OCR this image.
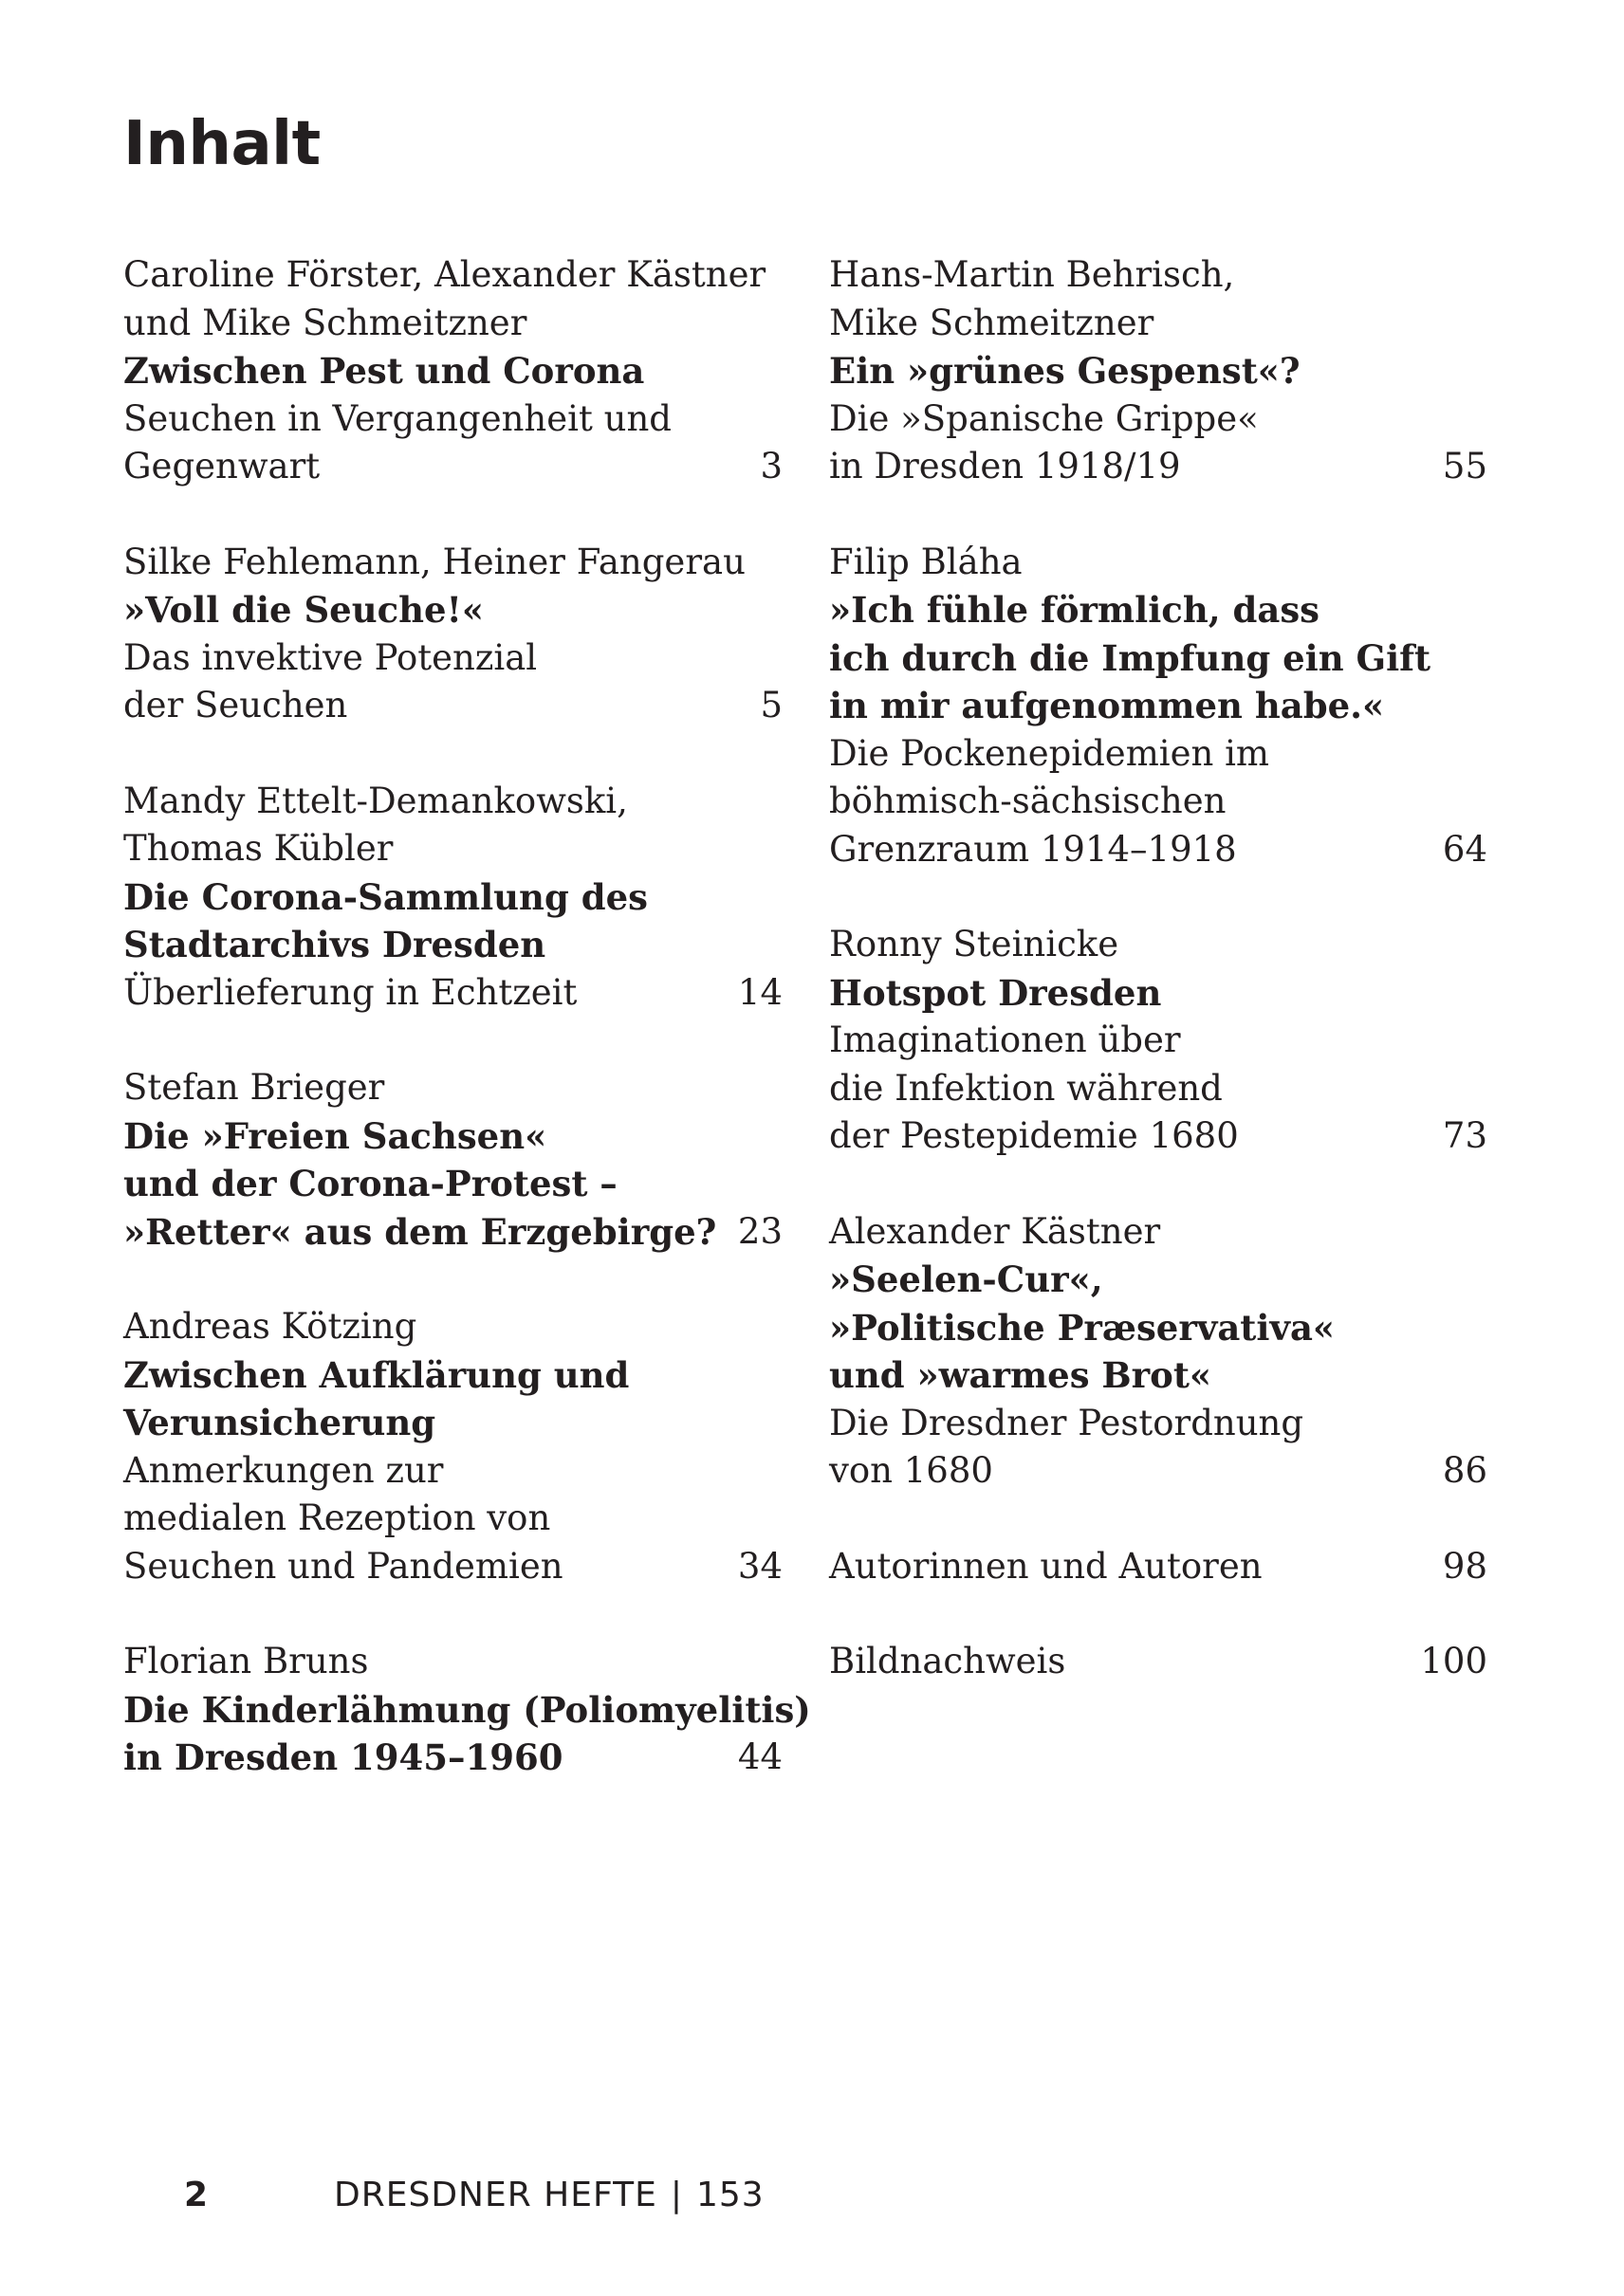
Inhalt
Caroline Förster, Alexander Kästner
und Mike Schmeitzner
Zwischen Pest und Corona
Seuchen in Vergangenheit und
Gegenwart	3
Silke Fehlemann, Heiner Fangerau
»Voll die Seuche!«
Das invektive Potenzial
der Seuchen	5
Mandy Ettelt-Demankowski,
Thomas Kübler
Die Corona-Sammlung des
Stadtarchivs Dresden
Überlieferung in Echtzeit	14
Stefan Brieger
Die »Freien Sachsen«
und der Corona-Protest –
»Retter« aus dem Erzgebirge? 23
Andreas Kötzing
Zwischen Aufklärung und
Verunsicherung
Anmerkungen zur
medialen Rezeption von
Seuchen und Pandemien	34
Florian Bruns
Die Kinderlähmung (Poliomyelitis)
in Dresden 1945–1960	44
Hans-Martin Behrisch,
Mike Schmeitzner
Ein »grünes Gespenst«?
Die »Spanische Grippe«
in Dresden 1918/19	55
Filip Bláha
»Ich fühle förmlich, dass
ich durch die Impfung ein Gift
in mir aufgenommen habe.«
Die Pockenepidemien im
böhmisch-sächsischen
Grenzraum 1914–1918	64
Ronny Steinicke
Hotspot Dresden
Imaginationen über
die Infektion während
der Pestepidemie 1680	73
Alexander Kästner
»Seelen-Cur«,
»Politische Præservativa«
und »warmes Brot«
Die Dresdner Pestordnung
von 1680	86
Autorinnen und Autoren	98
Bildnachweis	100
2	DRESDNER HEFTE | 153
